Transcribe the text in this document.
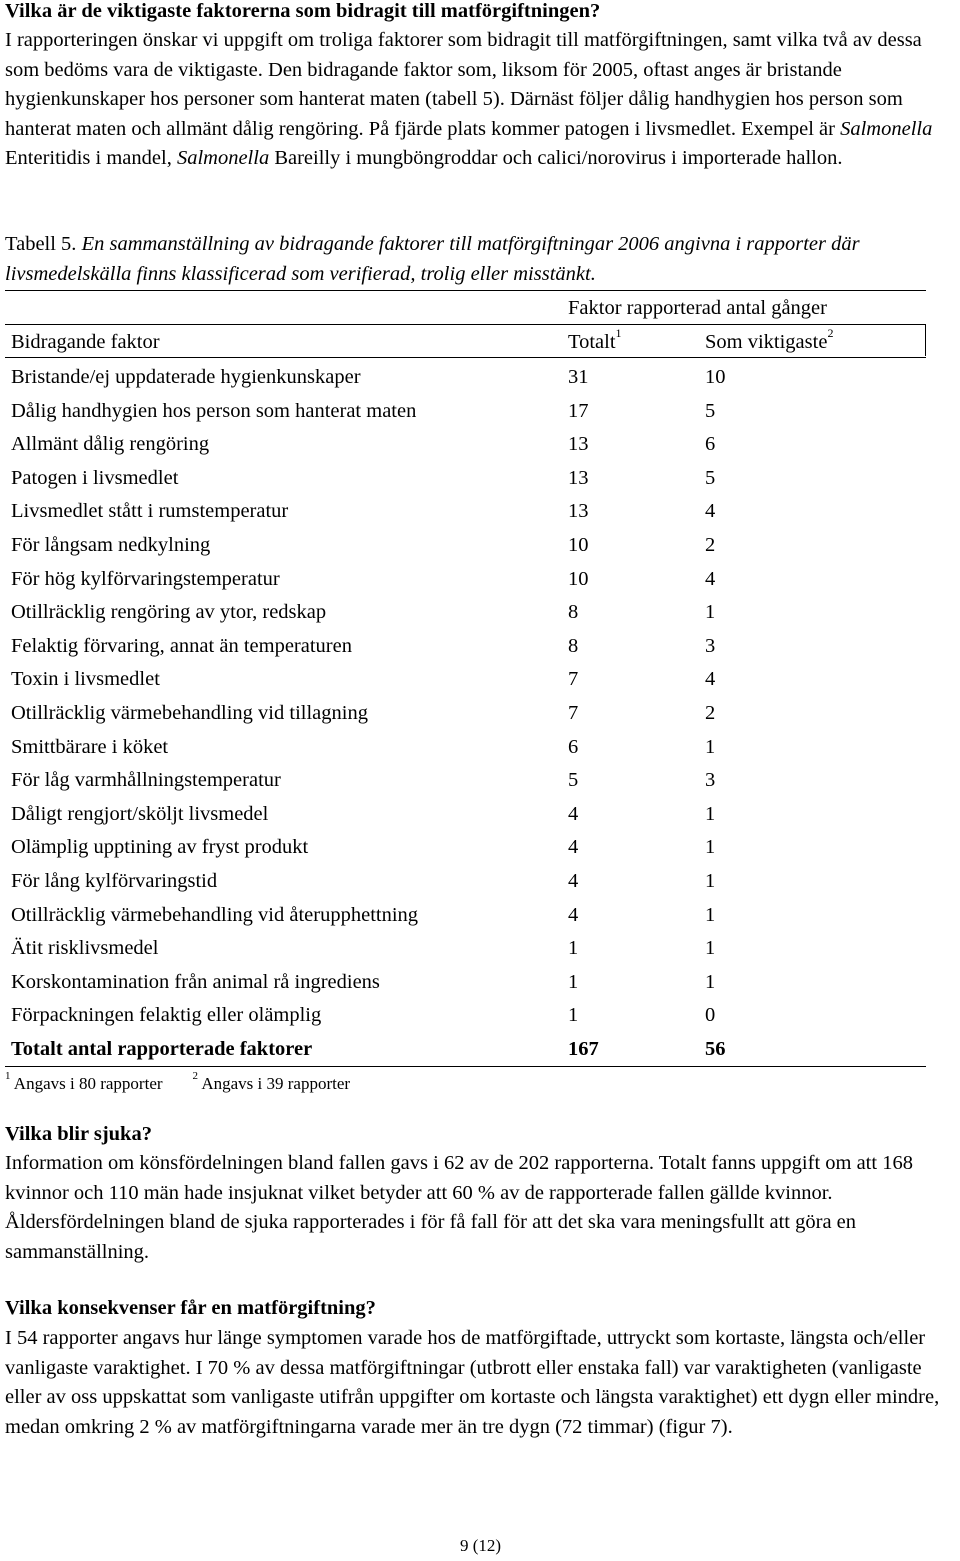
Vilka är de viktigaste faktorerna som bidragit till matförgiftningen?

I rapporteringen önskar vi uppgift om troliga faktorer som bidragit till matförgiftningen, samt vilka två av dessa som bedöms vara de viktigaste. Den bidragande faktor som, liksom för 2005, oftast anges är bristande hygienkunskaper hos personer som hanterat maten (tabell 5). Därnäst följer dålig handhygien hos person som hanterat maten och allmänt dålig rengöring. På fjärde plats kommer patogen i livsmedlet. Exempel är Salmonella Enteritidis i mandel, Salmonella Bareilly i mungböngroddar och calici/norovirus i importerade hallon.

Tabell 5. En sammanställning av bidragande faktorer till matförgiftningar 2006 angivna i rapporter där livsmedelskälla finns klassificerad som verifierad, trolig eller misstänkt.

Faktor rapporterad antal gånger
Bidragande faktor	Totalt$^1$	Som viktigaste$^2$
Bristande/ej uppdaterade hygienkunskaper	31	10
Dålig handhygien hos person som hanterat maten	17	5
Allmänt dålig rengöring	13	6
Patogen i livsmedlet	13	5
Livsmedlet stått i rumstemperatur	13	4
För långsam nedkylning	10	2
För hög kylförvaringstemperatur	10	4
Otillräcklig rengöring av ytor, redskap	8	1
Felaktig förvaring, annat än temperaturen	8	3
Toxin i livsmedlet	7	4
Otillräcklig värmebehandling vid tillagning	7	2
Smittbärare i köket	6	1
För låg varmhållningstemperatur	5	3
Dåligt rengjort/sköljt livsmedel	4	1
Olämplig upptining av fryst produkt	4	1
För lång kylförvaringstid	4	1
Otillräcklig värmebehandling vid återupphettning	4	1
Ätit risklivsmedel	1	1
Korskontamination från animal rå ingrediens	1	1
Förpackningen felaktig eller olämplig	1	0
Totalt antal rapporterade faktorer	167	56
$^1$ Angavs i 80 rapporter	$^2$ Angavs i 39 rapporter
Vilka blir sjuka?

Information om könsfördelningen bland fallen gavs i 62 av de 202 rapporterna. Totalt fanns uppgift om att 168 kvinnor och 110 män hade insjuknat vilket betyder att 60 % av de rapporterade fallen gällde kvinnor. Åldersfördelningen bland de sjuka rapporterades i för få fall för att det ska vara meningsfullt att göra en sammanställning.

Vilka konsekvenser får en matförgiftning?

I 54 rapporter angavs hur länge symptomen varade hos de matförgiftade, uttryckt som kortaste, längsta och/eller vanligaste varaktighet. I 70 % av dessa matförgiftningar (utbrott eller enstaka fall) var varaktigheten (vanligaste eller av oss uppskattat som vanligaste utifrån uppgifter om kortaste och längsta varaktighet) ett dygn eller mindre, medan omkring 2 % av matförgiftningarna varade mer än tre dygn (72 timmar) (figur 7).

9 (12)
